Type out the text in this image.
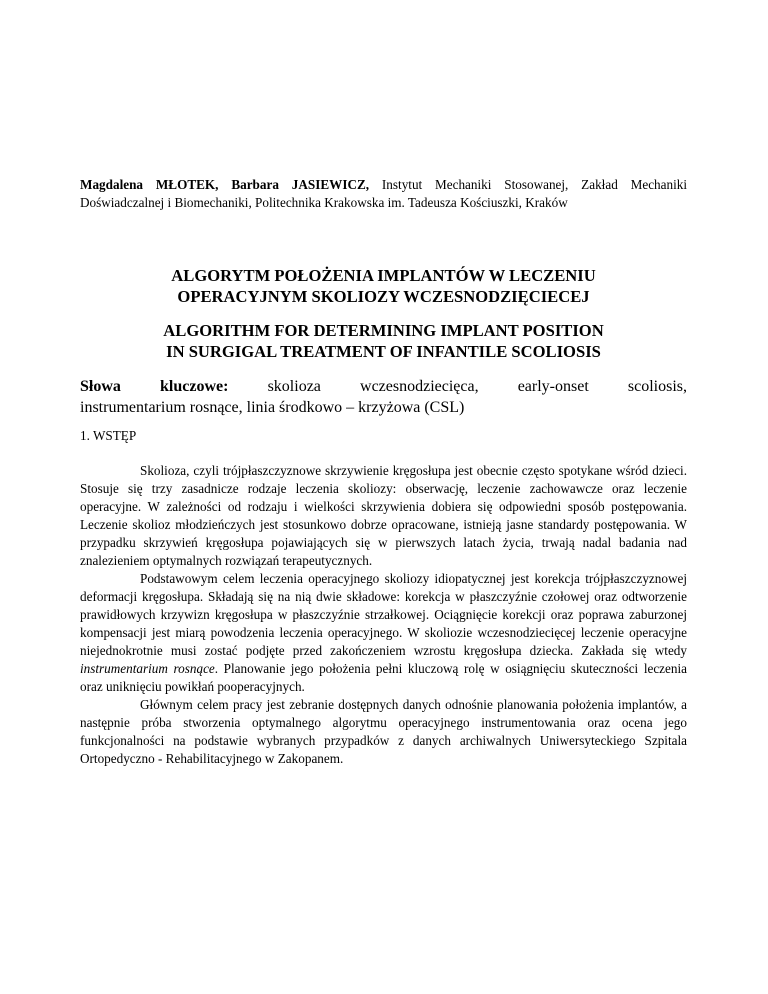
Magdalena MŁOTEK, Barbara JASIEWICZ, Instytut Mechaniki Stosowanej, Zakład Mechaniki Doświadczalnej i Biomechaniki, Politechnika Krakowska im. Tadeusza Kościuszki, Kraków
ALGORYTM POŁOŻENIA IMPLANTÓW W LECZENIU
OPERACYJNYM SKOLIOZY WCZESNODZIĘCIECEJ
ALGORITHM FOR DETERMINING IMPLANT POSITION
IN SURGIGAL TREATMENT OF INFANTILE SCOLIOSIS
Słowa kluczowe: skolioza wczesnodziecięca, early-onset scoliosis,
instrumentarium rosnące, linia środkowo – krzyżowa (CSL)
1. WSTĘP

Skolioza, czyli trójpłaszczyznowe skrzywienie kręgosłupa jest obecnie często spotykane wśród dzieci. Stosuje się trzy zasadnicze rodzaje leczenia skoliozy: obserwację, leczenie zachowawcze oraz leczenie operacyjne. W zależności od rodzaju i wielkości skrzywienia dobiera się odpowiedni sposób postępowania. Leczenie skolioz młodzieńczych jest stosunkowo dobrze opracowane, istnieją jasne standardy postępowania. W przypadku skrzywień kręgosłupa pojawiających się w pierwszych latach życia, trwają nadal badania nad znalezieniem optymalnych rozwiązań terapeutycznych.

Podstawowym celem leczenia operacyjnego skoliozy idiopatycznej jest korekcja trójpłaszczyznowej deformacji kręgosłupa. Składają się na nią dwie składowe: korekcja w płaszczyźnie czołowej oraz odtworzenie prawidłowych krzywizn kręgosłupa w płaszczyźnie strzałkowej. Ociągnięcie korekcji oraz poprawa zaburzonej kompensacji jest miarą powodzenia leczenia operacyjnego. W skoliozie wczesnodziecięcej leczenie operacyjne niejednokrotnie musi zostać podjęte przed zakończeniem wzrostu kręgosłupa dziecka. Zakłada się wtedy instrumentarium rosnące. Planowanie jego położenia pełni kluczową rolę w osiągnięciu skuteczności leczenia oraz uniknięciu powikłań pooperacyjnych.

Głównym celem pracy jest zebranie dostępnych danych odnośnie planowania położenia implantów, a następnie próba stworzenia optymalnego algorytmu operacyjnego instrumentowania oraz ocena jego funkcjonalności na podstawie wybranych przypadków z danych archiwalnych Uniwersyteckiego Szpitala Ortopedyczno - Rehabilitacyjnego w Zakopanem.
